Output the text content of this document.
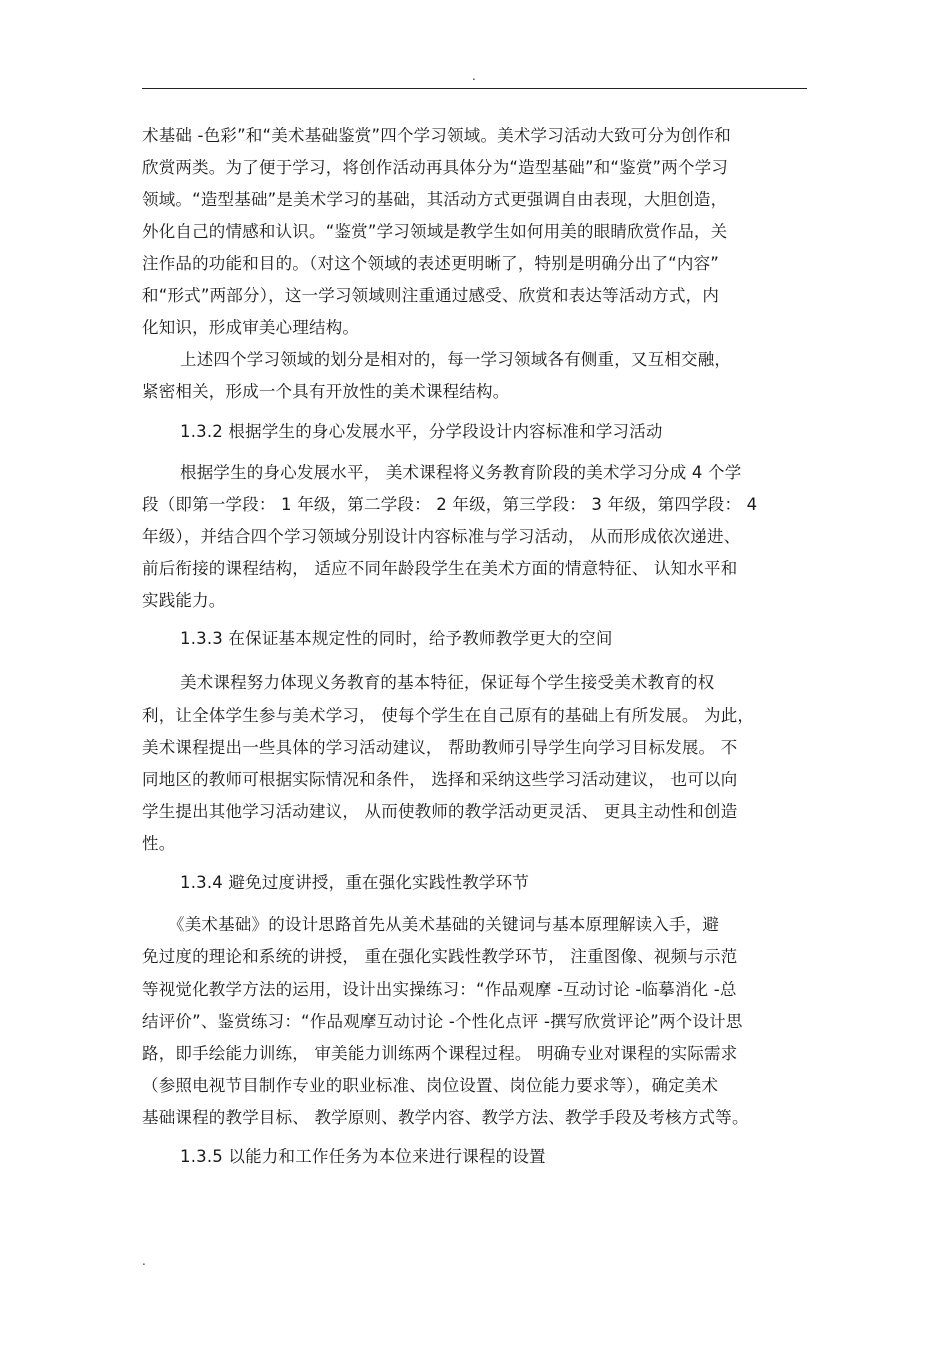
.
术基础 -色彩”和“美术基础鉴赏”四个学习领域。美术学习活动大致可分为创作和
欣赏两类。为了便于学习，将创作活动再具体分为“造型基础”和“鉴赏”两个学习
领域。“造型基础”是美术学习的基础，其活动方式更强调自由表现，大胆创造，
外化自己的情感和认识。“鉴赏”学习领域是教学生如何用美的眼睛欣赏作品，关
注作品的功能和目的。（对这个领域的表述更明晰了，特别是明确分出了“内容”
和“形式”两部分），这一学习领域则注重通过感受、欣赏和表达等活动方式，内
化知识，形成审美心理结构。
上述四个学习领域的划分是相对的，每一学习领域各有侧重，又互相交融，
紧密相关，形成一个具有开放性的美术课程结构。
1.3.2 根据学生的身心发展水平，分学段设计内容标准和学习活动
根据学生的身心发展水平， 美术课程将义务教育阶段的美术学习分成 4 个学
段（即第一学段： 1 年级，第二学段： 2 年级，第三学段： 3 年级，第四学段： 4
年级），并结合四个学习领域分别设计内容标准与学习活动， 从而形成依次递进、
前后衔接的课程结构， 适应不同年龄段学生在美术方面的情意特征、 认知水平和
实践能力。
1.3.3 在保证基本规定性的同时，给予教师教学更大的空间
美术课程努力体现义务教育的基本特征，保证每个学生接受美术教育的权
利，让全体学生参与美术学习， 使每个学生在自己原有的基础上有所发展。 为此，
美术课程提出一些具体的学习活动建议， 帮助教师引导学生向学习目标发展。 不
同地区的教师可根据实际情况和条件， 选择和采纳这些学习活动建议， 也可以向
学生提出其他学习活动建议， 从而使教师的教学活动更灵活、 更具主动性和创造
性。
1.3.4 避免过度讲授，重在强化实践性教学环节
《美术基础》的设计思路首先从美术基础的关键词与基本原理解读入手，避
免过度的理论和系统的讲授， 重在强化实践性教学环节， 注重图像、视频与示范
等视觉化教学方法的运用，设计出实操练习：“作品观摩 -互动讨论 -临摹消化 -总
结评价”、鉴赏练习：“作品观摩互动讨论 -个性化点评 -撰写欣赏评论”两个设计思
路，即手绘能力训练， 审美能力训练两个课程过程。 明确专业对课程的实际需求
（参照电视节目制作专业的职业标准、岗位设置、岗位能力要求等），确定美术
基础课程的教学目标、 教学原则、教学内容、教学方法、教学手段及考核方式等。
1.3.5 以能力和工作任务为本位来进行课程的设置
.
